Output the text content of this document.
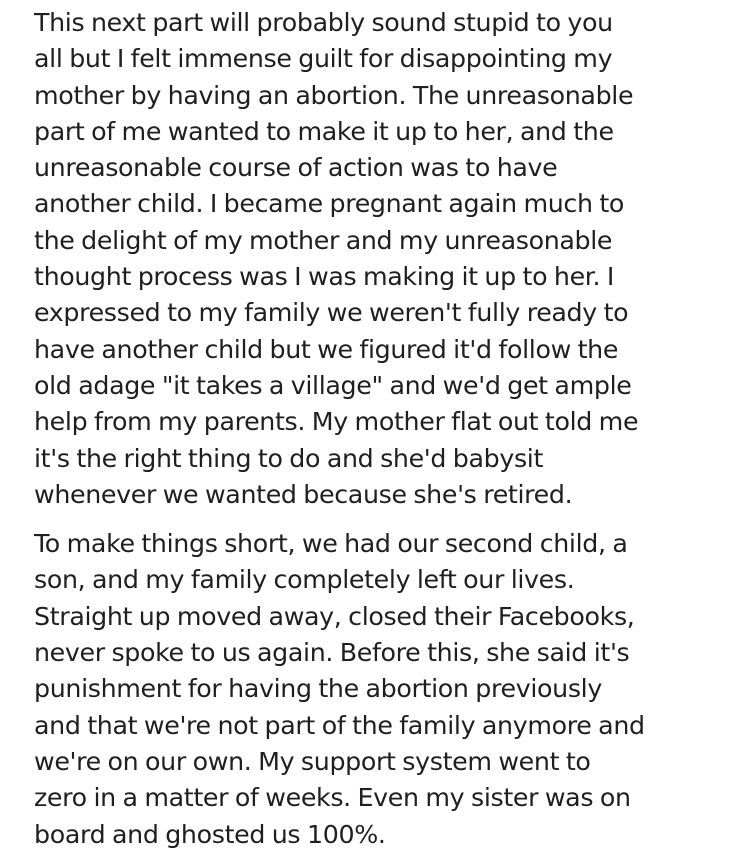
This next part will probably sound stupid to you
all but I felt immense guilt for disappointing my
mother by having an abortion. The unreasonable
part of me wanted to make it up to her, and the
unreasonable course of action was to have
another child. I became pregnant again much to
the delight of my mother and my unreasonable
thought process was I was making it up to her. I
expressed to my family we weren't fully ready to
have another child but we figured it'd follow the
old adage "it takes a village" and we'd get ample
help from my parents. My mother flat out told me
it's the right thing to do and she'd babysit
whenever we wanted because she's retired.
To make things short, we had our second child, a
son, and my family completely left our lives.
Straight up moved away, closed their Facebooks,
never spoke to us again. Before this, she said it's
punishment for having the abortion previously
and that we're not part of the family anymore and
we're on our own. My support system went to
zero in a matter of weeks. Even my sister was on
board and ghosted us 100%.
